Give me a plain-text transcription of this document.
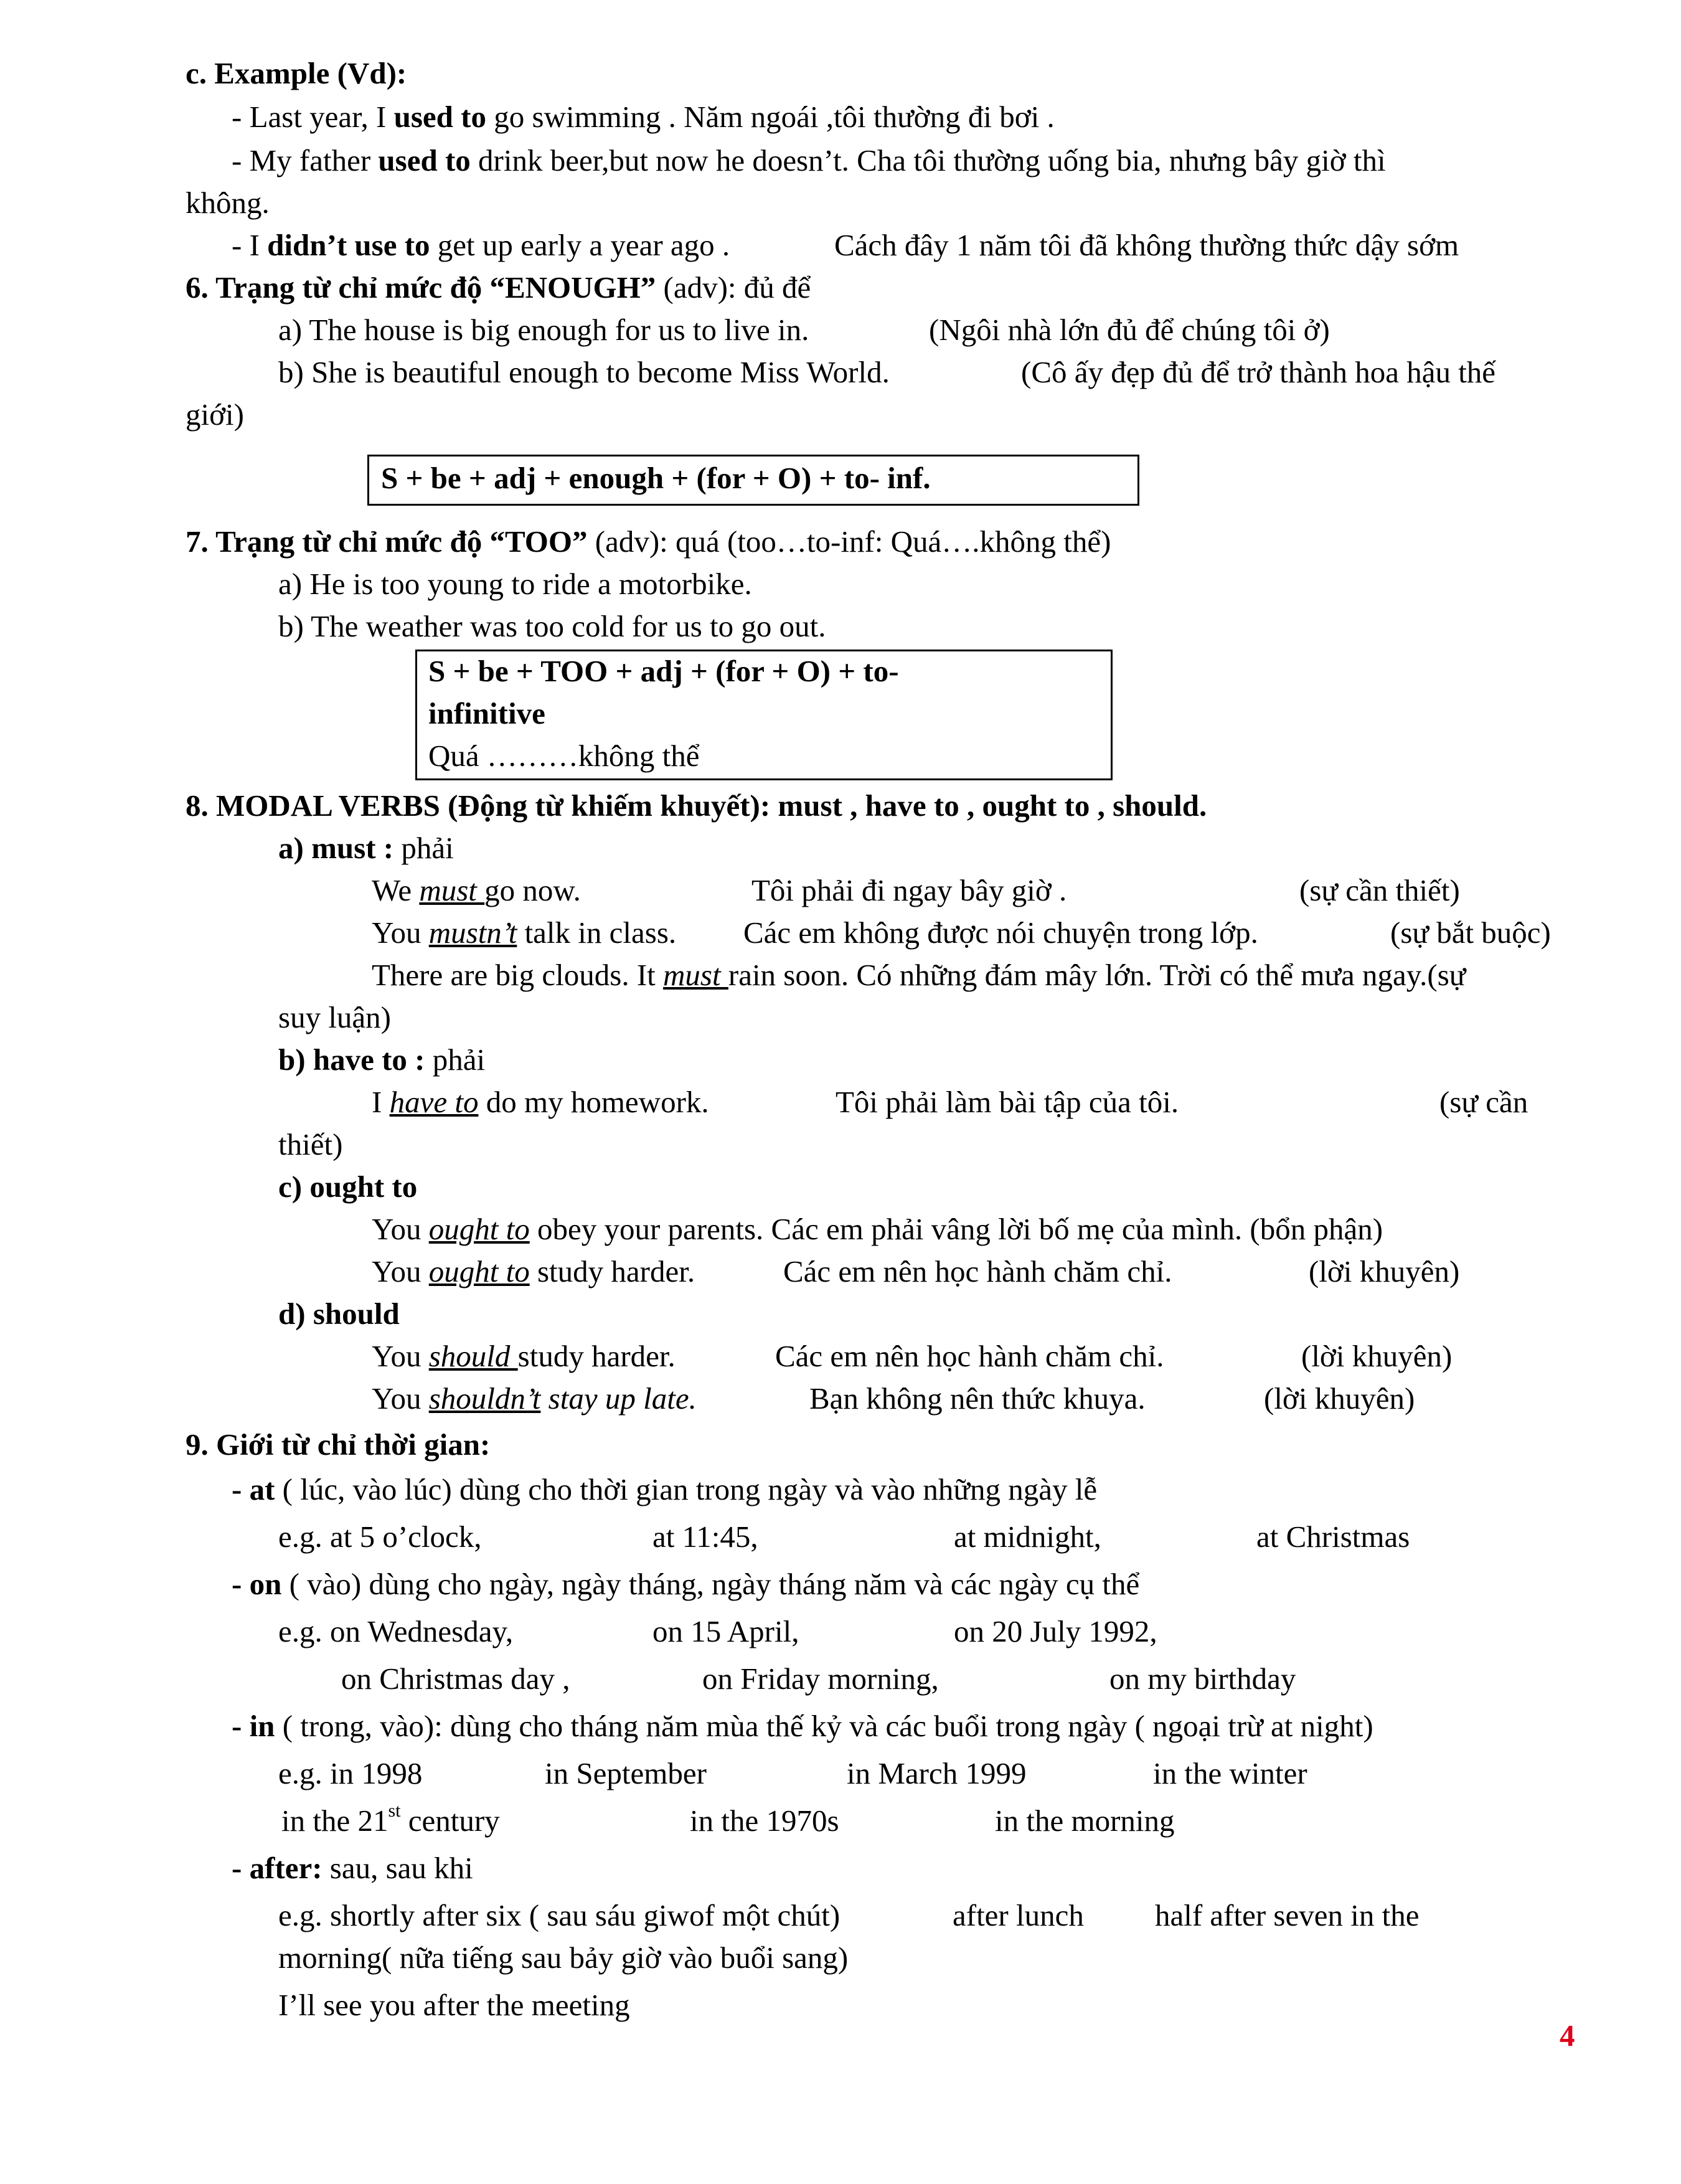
c. Example (Vd):
- Last year, I used to go swimming . Năm ngoái ,tôi thường đi bơi .
- My father used to drink beer,but now he doesn’t. Cha tôi thường uống bia, nhưng bây giờ thì
không.
- I didn’t use to get up early a year ago .	Cách đây 1 năm tôi đã không thường thức dậy sớm
6. Trạng từ chỉ mức độ “ENOUGH” (adv): đủ để
a) The house is big enough for us to live in.	(Ngôi nhà lớn đủ để chúng tôi ở)
b) She is beautiful enough to become Miss World.	(Cô ấy đẹp đủ để trở thành hoa hậu thế
giới)
S + be + adj + enough + (for + O) + to- inf.
7. Trạng từ chỉ mức độ “TOO” (adv): quá (too…to-inf: Quá….không thể)
a) He is too young to ride a motorbike.
b) The weather was too cold for us to go out.
S + be + TOO + adj + (for + O) + to-
infinitive
Quá ………không thể
8. MODAL VERBS (Động từ khiếm khuyết): must , have to , ought to , should.
a) must : phải
We must go now.	Tôi phải đi ngay bây giờ .	(sự cần thiết)
You mustn’t talk in class. Các em không được nói chuyện trong lớp.	(sự bắt buộc)
There are big clouds. It must rain soon. Có những đám mây lớn. Trời có thể mưa ngay.(sự
suy luận)
b) have to : phải
I have to do my homework.	Tôi phải làm bài tập của tôi.	(sự cần
thiết)
c) ought to
You ought to obey your parents. Các em phải vâng lời bố mẹ của mình. (bổn phận)
You ought to study harder.	Các em nên học hành chăm chỉ.	(lời khuyên)
d) should
You should study harder.	Các em nên học hành chăm chỉ.	(lời khuyên)
You shouldn’t stay up late.	Bạn không nên thức khuya.	(lời khuyên)
9. Giới từ chỉ thời gian:
- at ( lúc, vào lúc) dùng cho thời gian trong ngày và vào những ngày lễ
e.g. at 5 o’clock,	at 11:45,	at midnight,	at Christmas
- on ( vào) dùng cho ngày, ngày tháng, ngày tháng năm và các ngày cụ thể
e.g. on Wednesday,	on 15 April,	on 20 July 1992,
on Christmas day ,	on Friday morning,	on my birthday
- in ( trong, vào): dùng cho tháng năm mùa thế kỷ và các buổi trong ngày ( ngoại trừ at night)
e.g. in 1998	in September	in March 1999	in the winter
in the 21st century	in the 1970s	in the morning
- after: sau, sau khi
e.g. shortly after six ( sau sáu giwof một chút)	after lunch half after seven in the
morning( nữa tiếng sau bảy giờ vào buổi sang)
I’ll see you after the meeting
4
